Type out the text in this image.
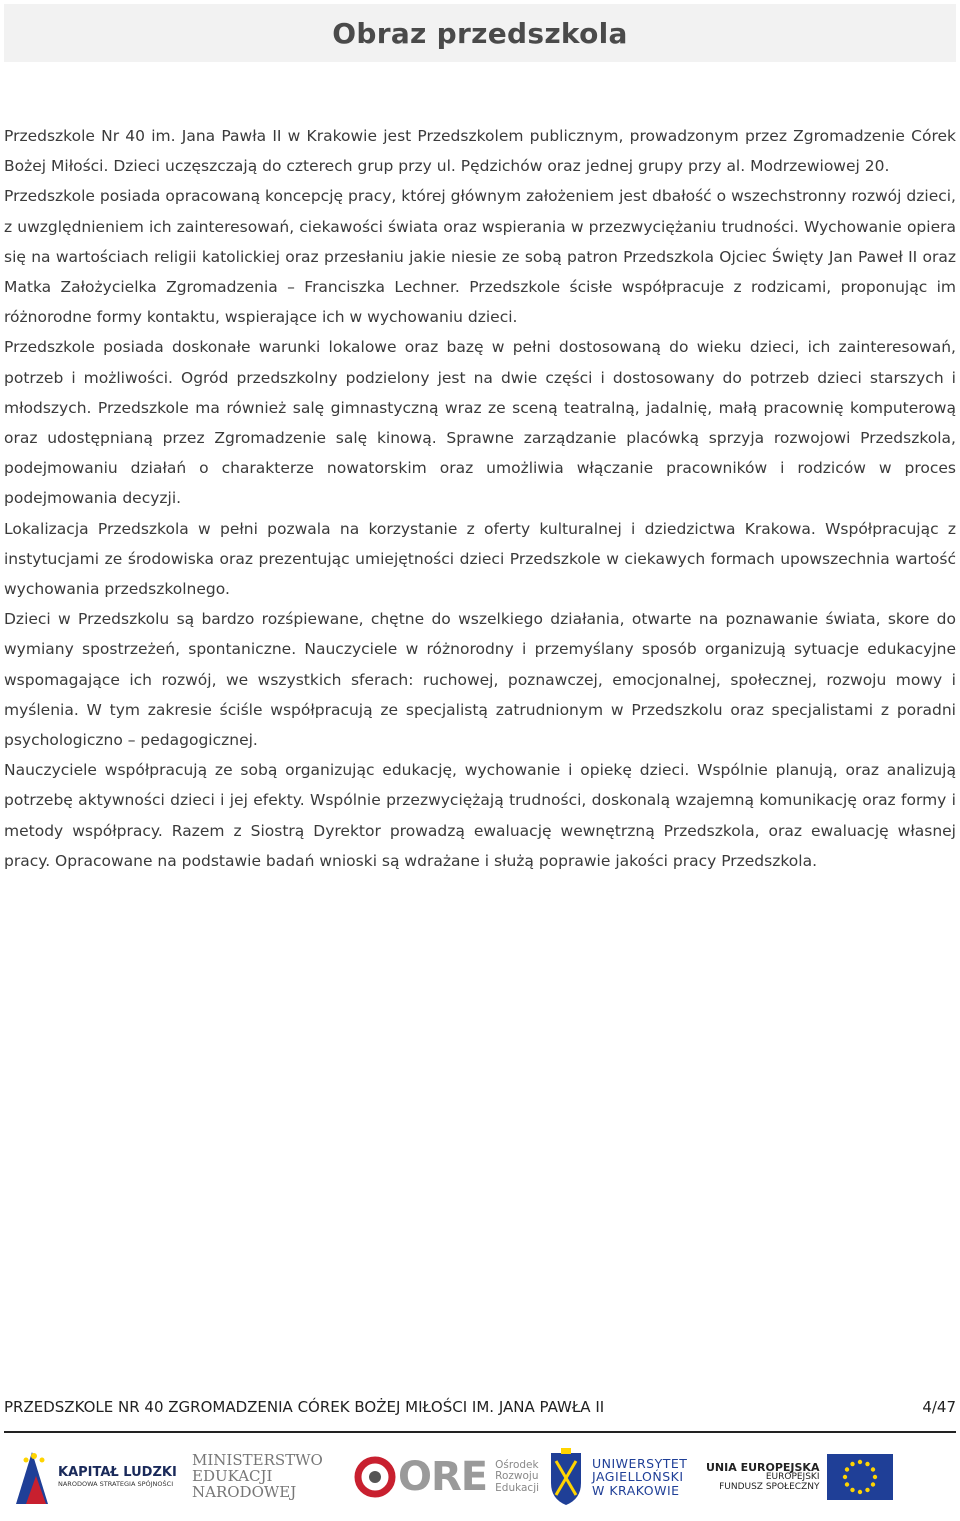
Obraz przedszkola

Przedszkole Nr 40 im. Jana Pawła II w Krakowie jest Przedszkolem publicznym, prowadzonym przez Zgromadzenie Córek Bożej Miłości. Dzieci uczęszczają do czterech grup przy ul. Pędzichów oraz jednej grupy przy al. Modrzewiowej 20.

Przedszkole posiada opracowaną koncepcję pracy, której głównym założeniem jest dbałość o wszechstronny rozwój dzieci, z uwzględnieniem ich zainteresowań, ciekawości świata oraz wspierania w przezwyciężaniu trudności. Wychowanie opiera się na wartościach religii katolickiej oraz przesłaniu jakie niesie ze sobą patron Przedszkola Ojciec Święty Jan Paweł II oraz Matka Założycielka Zgromadzenia – Franciszka Lechner. Przedszkole ścisłe współpracuje z rodzicami, proponując im różnorodne formy kontaktu, wspierające ich w wychowaniu dzieci.

Przedszkole posiada doskonałe warunki lokalowe oraz bazę w pełni dostosowaną do wieku dzieci, ich zainteresowań, potrzeb i możliwości. Ogród przedszkolny podzielony jest na dwie części i dostosowany do potrzeb dzieci starszych i młodszych. Przedszkole ma również salę gimnastyczną wraz ze sceną teatralną, jadalnię, małą pracownię komputerową oraz udostępnianą przez Zgromadzenie salę kinową. Sprawne zarządzanie placówką sprzyja rozwojowi Przedszkola, podejmowaniu działań o charakterze nowatorskim oraz umożliwia włączanie pracowników i rodziców w proces podejmowania decyzji.

Lokalizacja Przedszkola w pełni pozwala na korzystanie z oferty kulturalnej i dziedzictwa Krakowa. Współpracując z instytucjami ze środowiska oraz prezentując umiejętności dzieci Przedszkole w ciekawych formach upowszechnia wartość wychowania przedszkolnego.

Dzieci w Przedszkolu są bardzo rozśpiewane, chętne do wszelkiego działania, otwarte na poznawanie świata, skore do wymiany spostrzeżeń, spontaniczne. Nauczyciele w różnorodny i przemyślany sposób organizują sytuacje edukacyjne wspomagające ich rozwój, we wszystkich sferach: ruchowej, poznawczej, emocjonalnej, społecznej, rozwoju mowy i myślenia. W tym zakresie ściśle współpracują ze specjalistą zatrudnionym w Przedszkolu oraz specjalistami z poradni psychologiczno – pedagogicznej.

Nauczyciele współpracują ze sobą organizując edukację, wychowanie i opiekę dzieci. Wspólnie planują, oraz analizują potrzebę aktywności dzieci i jej efekty. Wspólnie przezwyciężają trudności, doskonalą wzajemną komunikację oraz formy i metody współpracy. Razem z Siostrą Dyrektor prowadzą ewaluację wewnętrzną Przedszkola, oraz ewaluację własnej pracy. Opracowane na podstawie badań wnioski są wdrażane i służą poprawie jakości pracy Przedszkola.

PRZEDSZKOLE NR 40 ZGROMADZENIA CÓREK BOŻEJ MIŁOŚCI IM. JANA PAWŁA II	4/47
KAPITAŁ LUDZKI
NARODOWA STRATEGIA SPÓJNOŚCI
MINISTERSTWO
EDUKACJI
NARODOWEJ	ORE Ośrodek
Rozwoju
Edukacji
UNIWERSYTET
JAGIELLOŃSKI
W KRAKOWIE
UNIA EUROPEJSKA
EUROPEJSKI
FUNDUSZ SPOŁECZNY
